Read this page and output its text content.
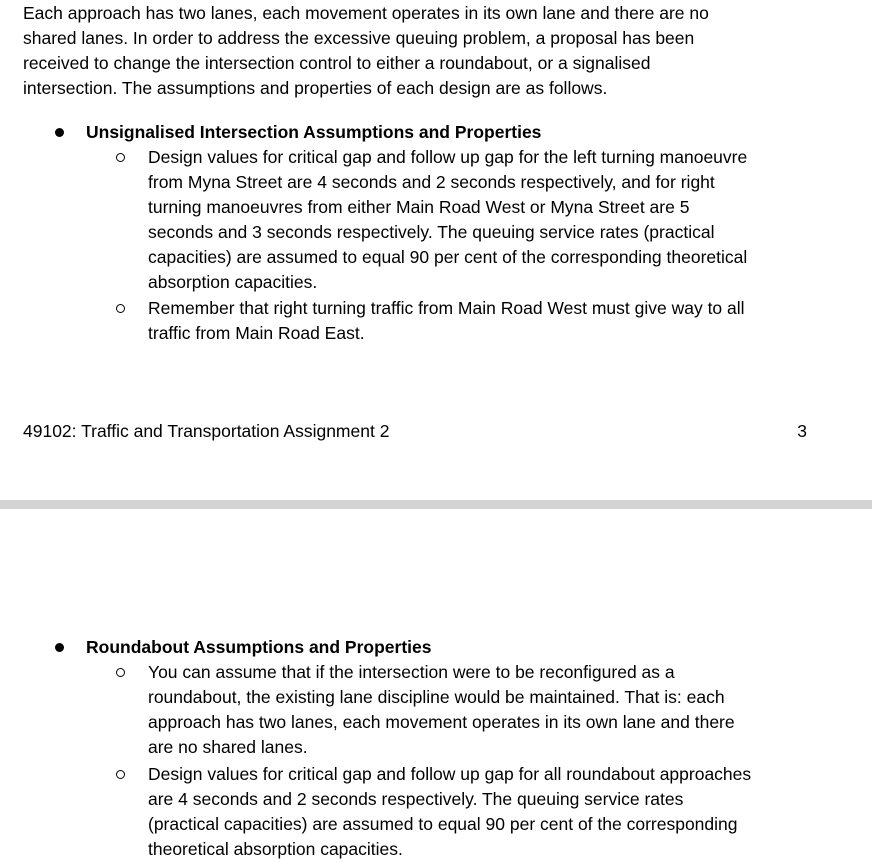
Each approach has two lanes, each movement operates in its own lane and there are no
shared lanes. In order to address the excessive queuing problem, a proposal has been
received to change the intersection control to either a roundabout, or a signalised
intersection. The assumptions and properties of each design are as follows.

Unsignalised Intersection Assumptions and Properties
Design values for critical gap and follow up gap for the left turning manoeuvre
from Myna Street are 4 seconds and 2 seconds respectively, and for right
turning manoeuvres from either Main Road West or Myna Street are 5
seconds and 3 seconds respectively. The queuing service rates (practical
capacities) are assumed to equal 90 per cent of the corresponding theoretical
absorption capacities.
Remember that right turning traffic from Main Road West must give way to all
traffic from Main Road East.
49102: Traffic and Transportation Assignment 2	3
Roundabout Assumptions and Properties
You can assume that if the intersection were to be reconfigured as a
roundabout, the existing lane discipline would be maintained. That is: each
approach has two lanes, each movement operates in its own lane and there
are no shared lanes.
Design values for critical gap and follow up gap for all roundabout approaches
are 4 seconds and 2 seconds respectively. The queuing service rates
(practical capacities) are assumed to equal 90 per cent of the corresponding
theoretical absorption capacities.
